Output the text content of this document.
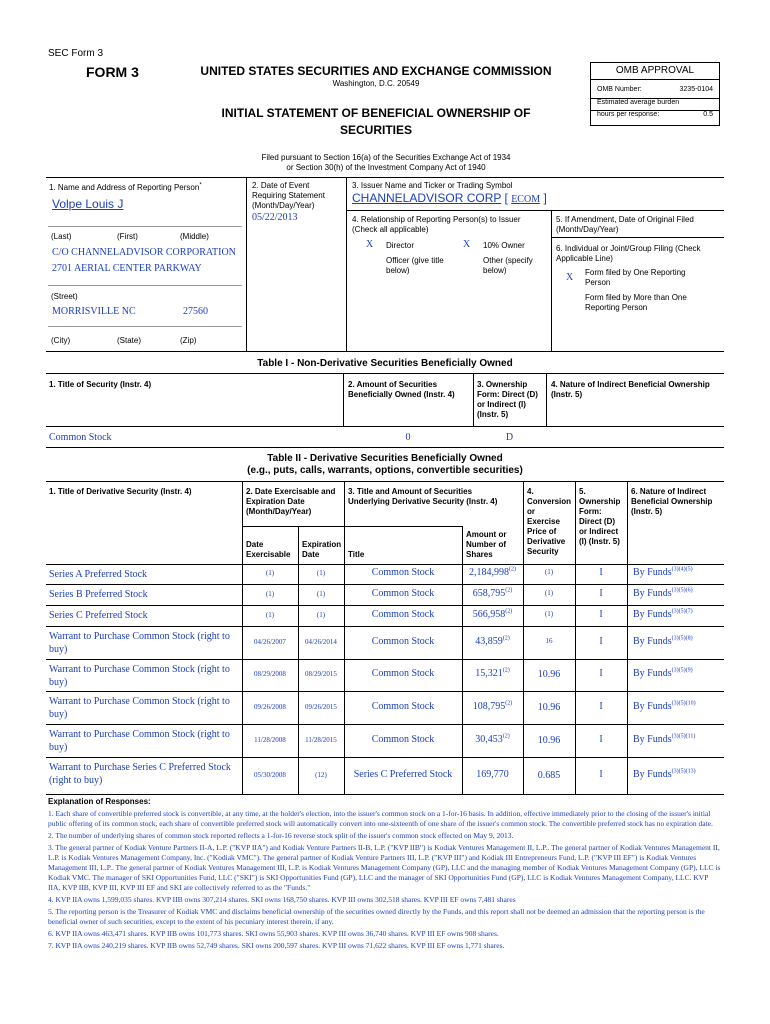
SEC Form 3
FORM 3	UNITED STATES SECURITIES AND EXCHANGE COMMISSION
Washington, D.C. 20549
INITIAL STATEMENT OF BENEFICIAL OWNERSHIP OF
SECURITIES
OMB APPROVAL
OMB Number:	3235-0104
Estimated average burden
hours per response:	0.5
Filed pursuant to Section 16(a) of the Securities Exchange Act of 1934
or Section 30(h) of the Investment Company Act of 1940
1. Name and Address of Reporting Person*
Volpe Louis J
(Last)	(First)	(Middle)
C/O CHANNELADVISOR CORPORATION
2701 AERIAL CENTER PARKWAY
(Street)
MORRISVILLE NC	27560
(City)	(State)	(Zip)
2. Date of Event
Requiring Statement
(Month/Day/Year)
05/22/2013
3. Issuer Name and Ticker or Trading Symbol
CHANNELADVISOR CORP [ ECOM ]
4. Relationship of Reporting Person(s) to Issuer
(Check all applicable)
X Director	X 10% Owner
Officer (give title
below)
Other (specify
below)
5. If Amendment, Date of Original Filed
(Month/Day/Year)
6. Individual or Joint/Group Filing (Check
Applicable Line)
X Form filed by One Reporting
Person
Form filed by More than One
Reporting Person
Table I - Non-Derivative Securities Beneficially Owned
1. Title of Security (Instr. 4)	2. Amount of Securities
Beneficially Owned (Instr. 4)
3. Ownership
Form: Direct (D)
or Indirect (I)
(Instr. 5)
4. Nature of Indirect Beneficial Ownership
(Instr. 5)
Common Stock	0	D
Table II - Derivative Securities Beneficially Owned
(e.g., puts, calls, warrants, options, convertible securities)
1. Title of Derivative Security (Instr. 4)	2. Date Exercisable and
Expiration Date
(Month/Day/Year)
Date
Exercisable
Expiration
Date
3. Title and Amount of Securities
Underlying Derivative Security (Instr. 4)
Title
Amount or
Number of
Shares
4.
Conversion
or
Exercise
Price of
Derivative
Security
5.
Ownership
Form:
Direct (D)
or Indirect
(I) (Instr. 5)
6. Nature of Indirect
Beneficial Ownership
(Instr. 5)
Series A Preferred Stock	(1)	(1)	Common Stock	2,184,998$^{(2)}$	(1)	I	By Funds$^{(3)(4)(5)}$
Series B Preferred Stock	(1)	(1)	Common Stock	658,795$^{(2)}$	(1)	I	By Funds$^{(3)(5)(6)}$
Series C Preferred Stock	(1)	(1)	Common Stock	566,958$^{(2)}$	(1)	I	By Funds$^{(3)(5)(7)}$
Warrant to Purchase Common Stock (right to buy)
04/26/2007	04/26/2014	Common Stock	43,859$^{(2)}$	16	I	By Funds$^{(3)(5)(8)}$
Warrant to Purchase Common Stock (right to buy)
08/29/2008	08/29/2015	Common Stock	15,321$^{(2)}$	10.96	I	By Funds$^{(3)(5)(9)}$
Warrant to Purchase Common Stock (right to buy)
09/26/2008	09/26/2015	Common Stock	108,795$^{(2)}$	10.96	I	By Funds$^{(3)(5)(10)}$
Warrant to Purchase Common Stock (right to buy)
11/28/2008	11/28/2015	Common Stock	30,453$^{(2)}$	10.96	I	By Funds$^{(3)(5)(11)}$
Warrant to Purchase Series C Preferred Stock (right to buy)	05/30/2008	(12)	Series C Preferred Stock	169,770	0.685	I	By Funds$^{(3)(5)(13)}$
Explanation of Responses:
1. Each share of convertible preferred stock is convertible, at any time, at the holder's election, into the issuer's common stock on a 1-for-16 basis. In addition, effective immediately prior to the closing of the issuer's initial public offering of its common stock, each share of convertible preferred stock will automatically convert into one-sixteenth of one share of the issuer's common stock. The convertible preferred stock has no expiration date.
2. The number of underlying shares of common stock reported reflects a 1-for-16 reverse stock split of the issuer's common stock effected on May 9, 2013.
3. The general partner of Kodiak Venture Partners II-A, L.P. ("KVP IIA") and Kodiak Venture Partners II-B, L.P. ("KVP IIB") is Kodiak Ventures Management II, L.P.. The general partner of Kodiak Ventures Management II, L.P. is Kodiak Ventures Management Company, Inc. ("Kodiak VMC"). The general partner of Kodiak Venture Partners III, L.P. ("KVP III") and Kodiak III Entrepreneurs Fund, L.P. ("KVP III EF") is Kodiak Ventures Management III, L.P.. The general partner of Kodiak Ventures Management III, L.P. is Kodiak Ventures Management Company (GP), LLC and the managing member of Kodiak Ventures Management Company (GP), LLC is Kodiak VMC. The manager of SKI Opportunities Fund, LLC ("SKI") is SKI Opportunities Fund (GP), LLC and the manager of SKI Opportunities Fund (GP), LLC is Kodiak Ventures Management Company, LLC. KVP IIA, KVP IIB, KVP III, KVP III EF and SKI are collectively referred to as the "Funds."
4. KVP IIA owns 1,599,035 shares. KVP IIB owns 307,214 shares. SKI owns 168,750 shares. KVP III owns 302,518 shares. KVP III EF owns 7,481 shares
5. The reporting person is the Treasurer of Kodiak VMC and disclaims beneficial ownership of the securities owned directly by the Funds, and this report shall not be deemed an admission that the reporting person is the beneficial owner of such securities, except to the extent of his pecuniary interest therein, if any.
6. KVP IIA owns 463,471 shares. KVP IIB owns 101,773 shares. SKI owns 55,903 shares. KVP III owns 36,740 shares. KVP III EF owns 908 shares.
7. KVP IIA owns 240,219 shares. KVP IIB owns 52,749 shares. SKI owns 200,597 shares. KVP III owns 71,622 shares. KVP III EF owns 1,771 shares.
